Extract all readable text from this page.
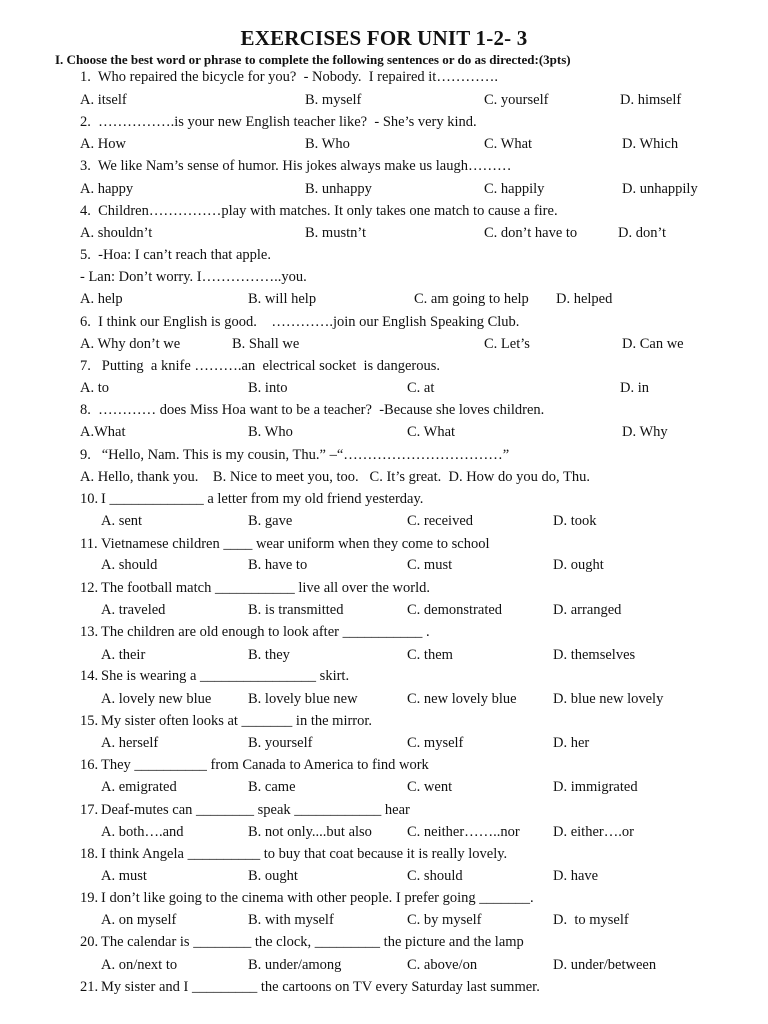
EXERCISES FOR UNIT 1-2- 3
I. Choose the best word or phrase to complete the following sentences or do as directed:(3pts)
1.  Who repaired the bicycle for you?  - Nobody.  I repaired it………….
A. itself	B. myself	C. yourself	D. himself
2.  …………….is your new English teacher like?  - She’s very kind.
A. How	B. Who	C. What	D. Which
3.  We like Nam’s sense of humor. His jokes always make us laugh………
A. happy	B. unhappy	C. happily	D. unhappily
4.  Children……………play with matches. It only takes one match to cause a fire.
A. shouldn’t	B. mustn’t	C. don’t have to	D. don’t
5.  -Hoa: I can’t reach that apple.
- Lan: Don’t worry. I……………..you.
A. help	B. will help	C. am going to help D. helped
6.  I think our English is good.    ………….join our English Speaking Club.
A. Why don’t we	B. Shall we	C. Let’s	D. Can we
7.   Putting  a knife ……….an  electrical socket  is dangerous.
A. to	B. into	C. at	D. in
8.  ………… does Miss Hoa want to be a teacher?  -Because she loves children.
A.What	B. Who	C. What	D. Why
9.   “Hello, Nam. This is my cousin, Thu.” –“……………………………”
A. Hello, thank you.    B. Nice to meet you, too.   C. It’s great.  D. How do you do, Thu.
10. I _____________ a letter from my old friend yesterday.
A. sent	B. gave	C. received	D. took
11. Vietnamese children ____ wear uniform when they come to school
A. should	B. have to	C. must	D. ought
12. The football match ___________ live all over the world.
A. traveled	B. is transmitted	C. demonstrated	D. arranged
13. The children are old enough to look after ___________ .
A. their	B. they	C. them	D. themselves
14. She is wearing a ________________ skirt.
A. lovely new blue	B. lovely blue new	C. new lovely blue	D. blue new lovely
15. My sister often looks at _______ in the mirror.
A. herself	B. yourself	C. myself	D. her
16. They __________ from Canada to America to find work
A. emigrated	B. came	C. went	D. immigrated
17. Deaf-mutes can ________ speak ____________ hear
A. both….and	B. not only....but also C. neither……..nor D. either….or
18. I think Angela __________ to buy that coat because it is really lovely.
A. must	B. ought	C. should	D. have
19. I don’t like going to the cinema with other people. I prefer going _______.
A. on myself	B. with myself	C. by myself	D.  to myself
20. The calendar is ________ the clock, _________ the picture and the lamp
A. on/next to	B. under/among	C. above/on	D. under/between
21. My sister and I _________ the cartoons on TV every Saturday last summer.
